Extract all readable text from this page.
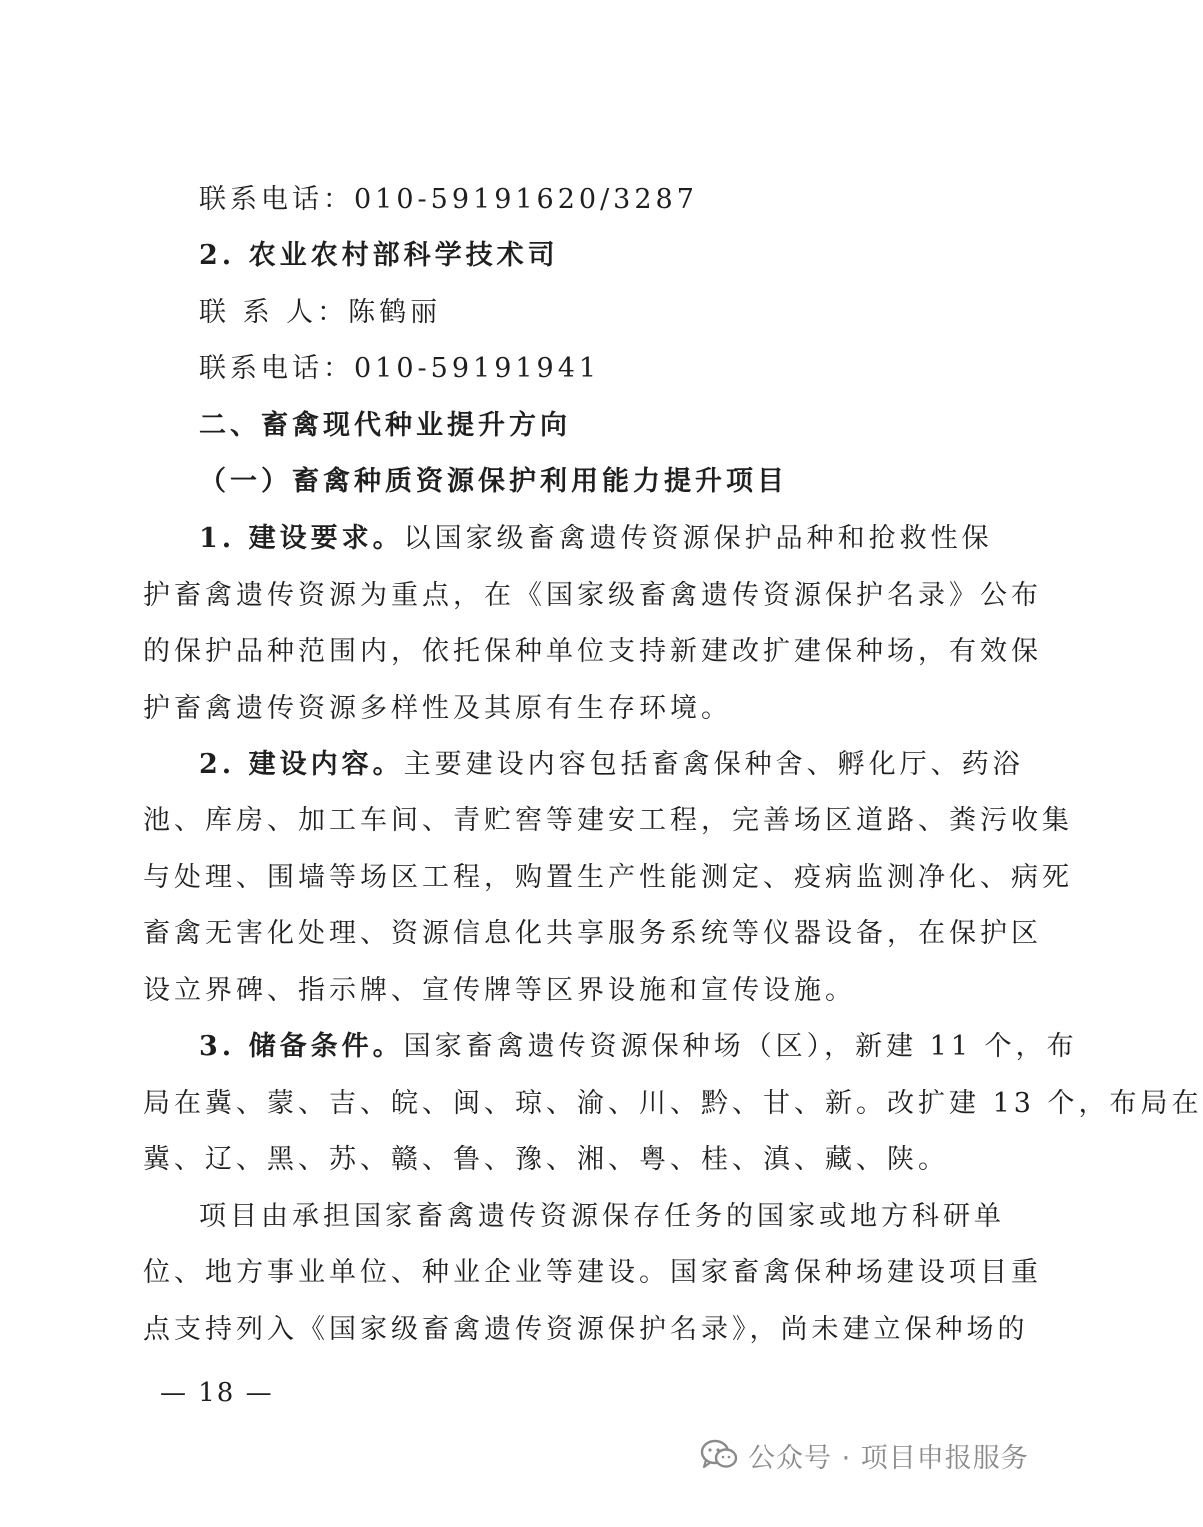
联系电话：010-59191620/3287
2. 农业农村部科学技术司
联 系 人：陈鹤丽
联系电话：010-59191941
二、畜禽现代种业提升方向
（一）畜禽种质资源保护利用能力提升项目
1. 建设要求。以国家级畜禽遗传资源保护品种和抢救性保
护畜禽遗传资源为重点，在《国家级畜禽遗传资源保护名录》公布
的保护品种范围内，依托保种单位支持新建改扩建保种场，有效保
护畜禽遗传资源多样性及其原有生存环境。
2. 建设内容。主要建设内容包括畜禽保种舍、孵化厅、药浴
池、库房、加工车间、青贮窖等建安工程，完善场区道路、粪污收集
与处理、围墙等场区工程，购置生产性能测定、疫病监测净化、病死
畜禽无害化处理、资源信息化共享服务系统等仪器设备，在保护区
设立界碑、指示牌、宣传牌等区界设施和宣传设施。
3. 储备条件。国家畜禽遗传资源保种场（区），新建 11 个，布
局在冀、蒙、吉、皖、闽、琼、渝、川、黔、甘、新。改扩建 13 个，布局在
冀、辽、黑、苏、赣、鲁、豫、湘、粤、桂、滇、藏、陕。
项目由承担国家畜禽遗传资源保存任务的国家或地方科研单
位、地方事业单位、种业企业等建设。国家畜禽保种场建设项目重
点支持列入《国家级畜禽遗传资源保护名录》，尚未建立保种场的
— 18 —
公众号 · 项目申报服务
